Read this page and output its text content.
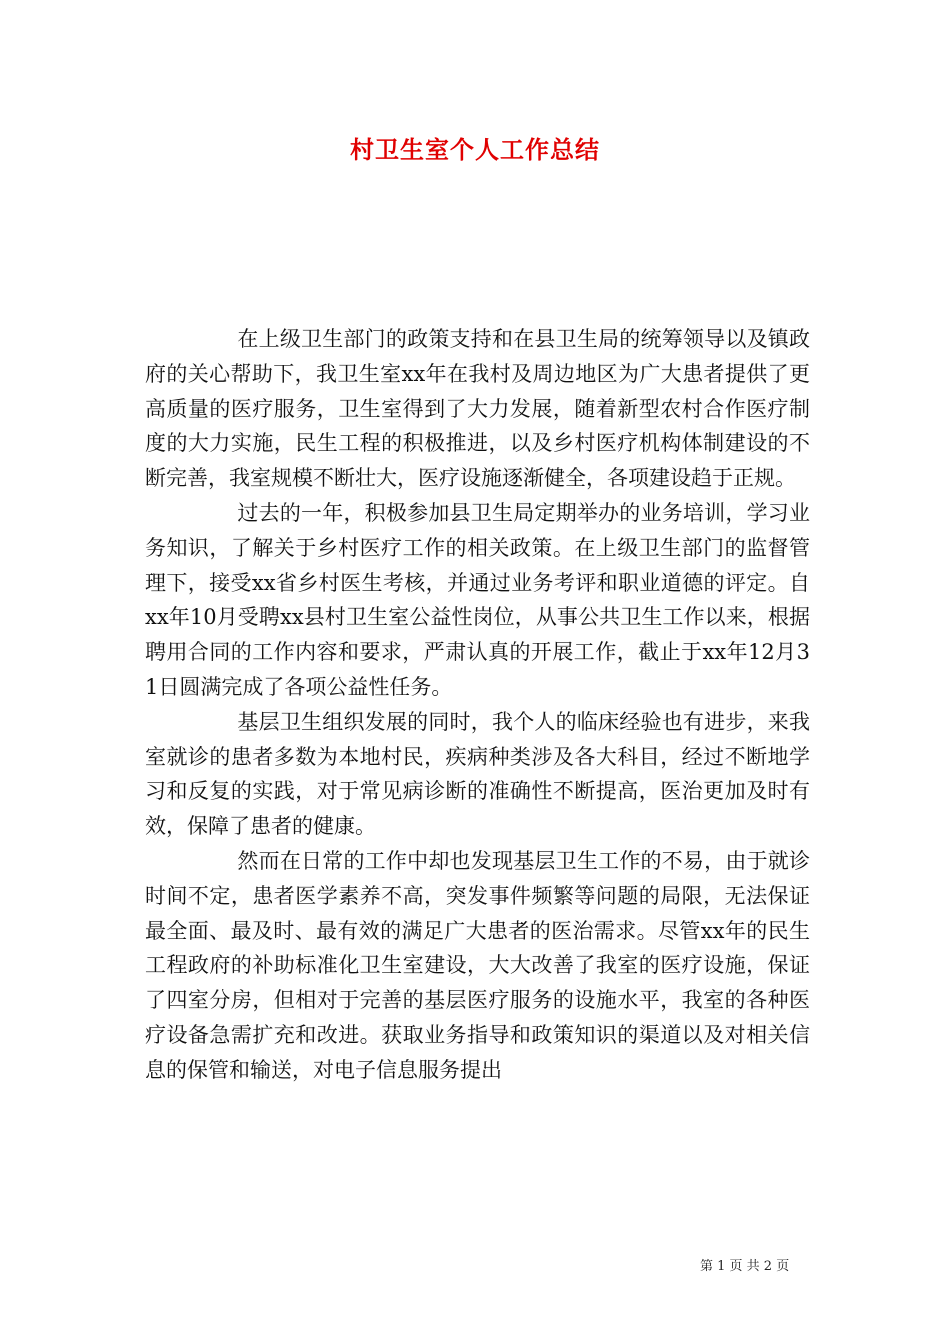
村卫生室个人工作总结

在上级卫生部门的政策支持和在县卫生局的统筹领导以及镇政府的关心帮助下，我卫生室xx年在我村及周边地区为广大患者提供了更高质量的医疗服务，卫生室得到了大力发展，随着新型农村合作医疗制度的大力实施，民生工程的积极推进，以及乡村医疗机构体制建设的不断完善，我室规模不断壮大，医疗设施逐渐健全，各项建设趋于正规。

过去的一年，积极参加县卫生局定期举办的业务培训，学习业务知识，了解关于乡村医疗工作的相关政策。在上级卫生部门的监督管理下，接受xx省乡村医生考核，并通过业务考评和职业道德的评定。自xx年10月受聘xx县村卫生室公益性岗位，从事公共卫生工作以来，根据聘用合同的工作内容和要求，严肃认真的开展工作，截止于xx年12月31日圆满完成了各项公益性任务。

基层卫生组织发展的同时，我个人的临床经验也有进步，来我室就诊的患者多数为本地村民，疾病种类涉及各大科目，经过不断地学习和反复的实践，对于常见病诊断的准确性不断提高，医治更加及时有效，保障了患者的健康。

然而在日常的工作中却也发现基层卫生工作的不易，由于就诊时间不定，患者医学素养不高，突发事件频繁等问题的局限，无法保证最全面、最及时、最有效的满足广大患者的医治需求。尽管xx年的民生工程政府的补助标准化卫生室建设，大大改善了我室的医疗设施，保证了四室分房，但相对于完善的基层医疗服务的设施水平，我室的各种医疗设备急需扩充和改进。获取业务指导和政策知识的渠道以及对相关信息的保管和输送，对电子信息服务提出

第 1 页 共 2 页
